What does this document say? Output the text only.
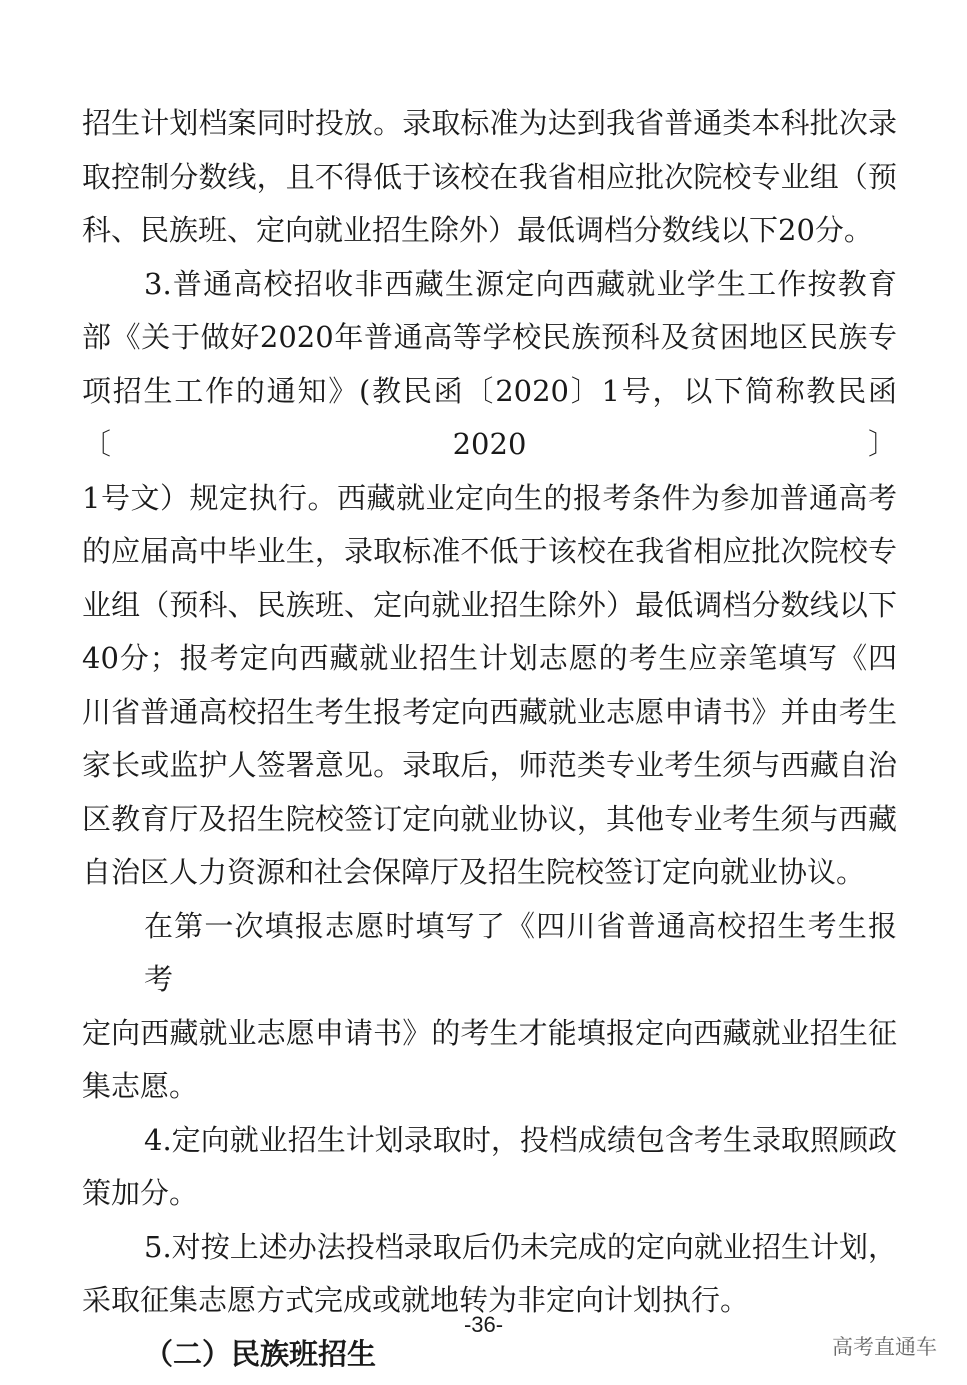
招生计划档案同时投放。录取标准为达到我省普通类本科批次录
取控制分数线，且不得低于该校在我省相应批次院校专业组（预
科、民族班、定向就业招生除外）最低调档分数线以下20分。
3.普通高校招收非西藏生源定向西藏就业学生工作按教育
部《关于做好2020年普通高等学校民族预科及贫困地区民族专
项招生工作的通知》(教民函〔2020〕1号，以下简称教民函〔2020〕
1号文）规定执行。西藏就业定向生的报考条件为参加普通高考
的应届高中毕业生，录取标准不低于该校在我省相应批次院校专
业组（预科、民族班、定向就业招生除外）最低调档分数线以下
40分；报考定向西藏就业招生计划志愿的考生应亲笔填写《四
川省普通高校招生考生报考定向西藏就业志愿申请书》并由考生
家长或监护人签署意见。录取后，师范类专业考生须与西藏自治
区教育厅及招生院校签订定向就业协议，其他专业考生须与西藏
自治区人力资源和社会保障厅及招生院校签订定向就业协议。
在第一次填报志愿时填写了《四川省普通高校招生考生报考
定向西藏就业志愿申请书》的考生才能填报定向西藏就业招生征
集志愿。
4.定向就业招生计划录取时，投档成绩包含考生录取照顾政
策加分。
5.对按上述办法投档录取后仍未完成的定向就业招生计划，
采取征集志愿方式完成或就地转为非定向计划执行。
（二）民族班招生
-36-
高考直通车
